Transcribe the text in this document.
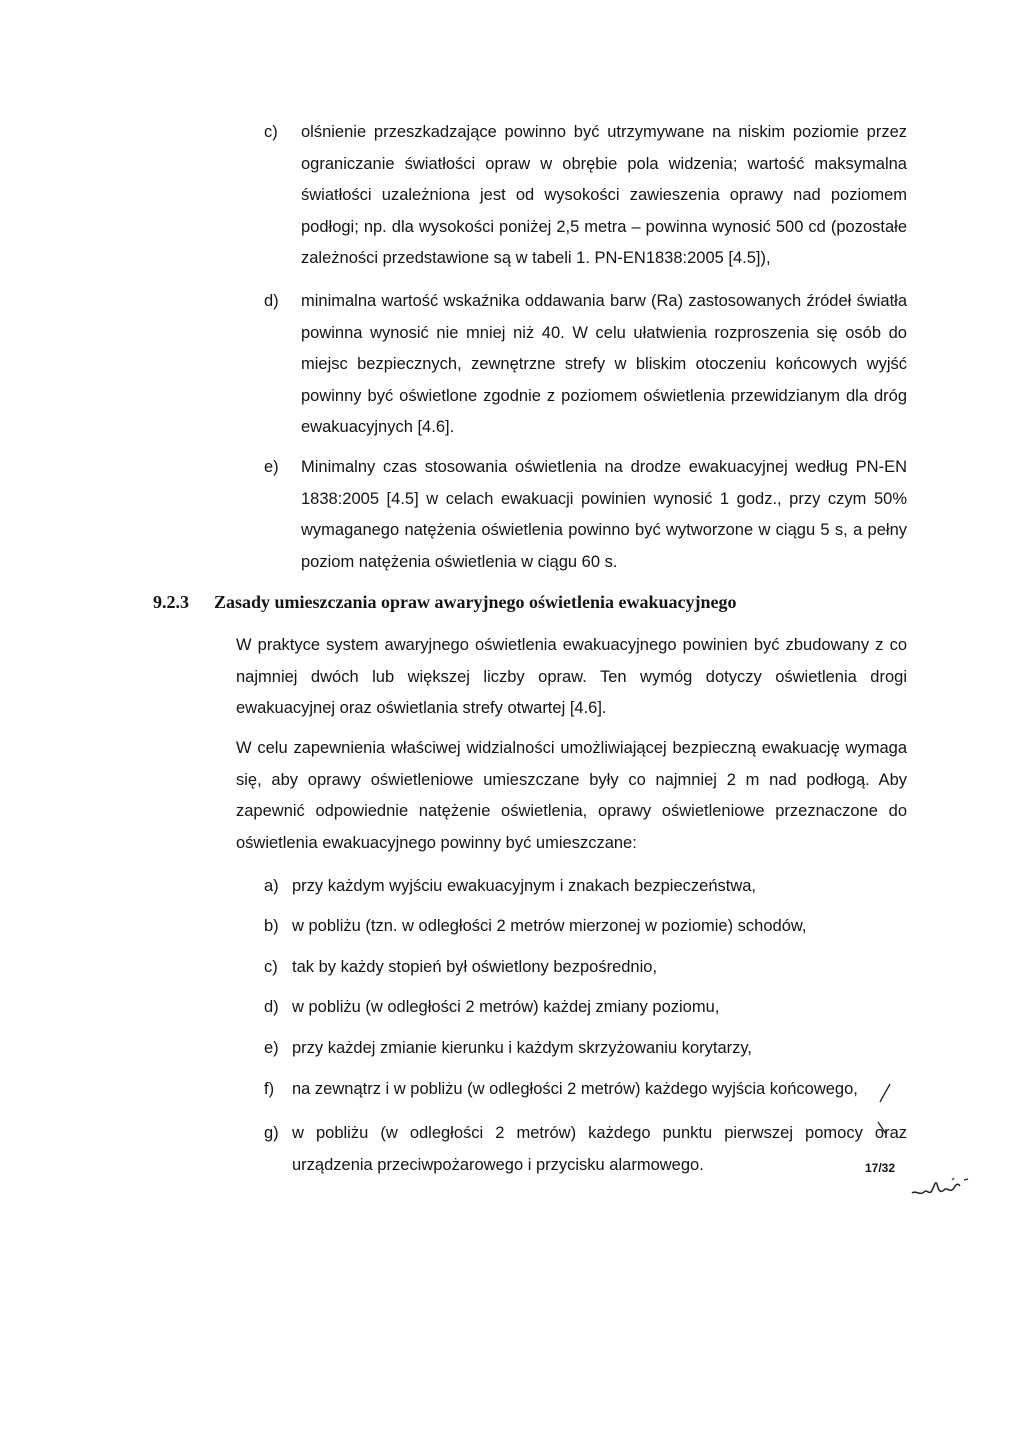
c) olśnienie przeszkadzające powinno być utrzymywane na niskim poziomie przez ograniczanie światłości opraw w obrębie pola widzenia; wartość maksymalna światłości uzależniona jest od wysokości zawieszenia oprawy nad poziomem podłogi; np. dla wysokości poniżej 2,5 metra – powinna wynosić 500 cd (pozostałe zależności przedstawione są w tabeli 1. PN-EN1838:2005 [4.5]),
d) minimalna wartość wskaźnika oddawania barw (Ra) zastosowanych źródeł światła powinna wynosić nie mniej niż 40. W celu ułatwienia rozproszenia się osób do miejsc bezpiecznych, zewnętrzne strefy w bliskim otoczeniu końcowych wyjść powinny być oświetlone zgodnie z poziomem oświetlenia przewidzianym dla dróg ewakuacyjnych [4.6].
e) Minimalny czas stosowania oświetlenia na drodze ewakuacyjnej według PN-EN 1838:2005 [4.5] w celach ewakuacji powinien wynosić 1 godz., przy czym 50% wymaganego natężenia oświetlenia powinno być wytworzone w ciągu 5 s, a pełny poziom natężenia oświetlenia w ciągu 60 s.
9.2.3 Zasady umieszczania opraw awaryjnego oświetlenia ewakuacyjnego
W praktyce system awaryjnego oświetlenia ewakuacyjnego powinien być zbudowany z co najmniej dwóch lub większej liczby opraw. Ten wymóg dotyczy oświetlenia drogi ewakuacyjnej oraz oświetlania strefy otwartej [4.6].
W celu zapewnienia właściwej widzialności umożliwiającej bezpieczną ewakuację wymaga się, aby oprawy oświetleniowe umieszczane były co najmniej 2 m nad podłogą. Aby zapewnić odpowiednie natężenie oświetlenia, oprawy oświetleniowe przeznaczone do oświetlenia ewakuacyjnego powinny być umieszczane:
a) przy każdym wyjściu ewakuacyjnym i znakach bezpieczeństwa,
b) w pobliżu (tzn. w odległości 2 metrów mierzonej w poziomie) schodów,
c) tak by każdy stopień był oświetlony bezpośrednio,
d) w pobliżu (w odległości 2 metrów) każdej zmiany poziomu,
e) przy każdej zmianie kierunku i każdym skrzyżowaniu korytarzy,
f) na zewnątrz i w pobliżu (w odległości 2 metrów) każdego wyjścia końcowego,
g) w pobliżu (w odległości 2 metrów) każdego punktu pierwszej pomocy oraz urządzenia przeciwpożarowego i przycisku alarmowego.	17/32
